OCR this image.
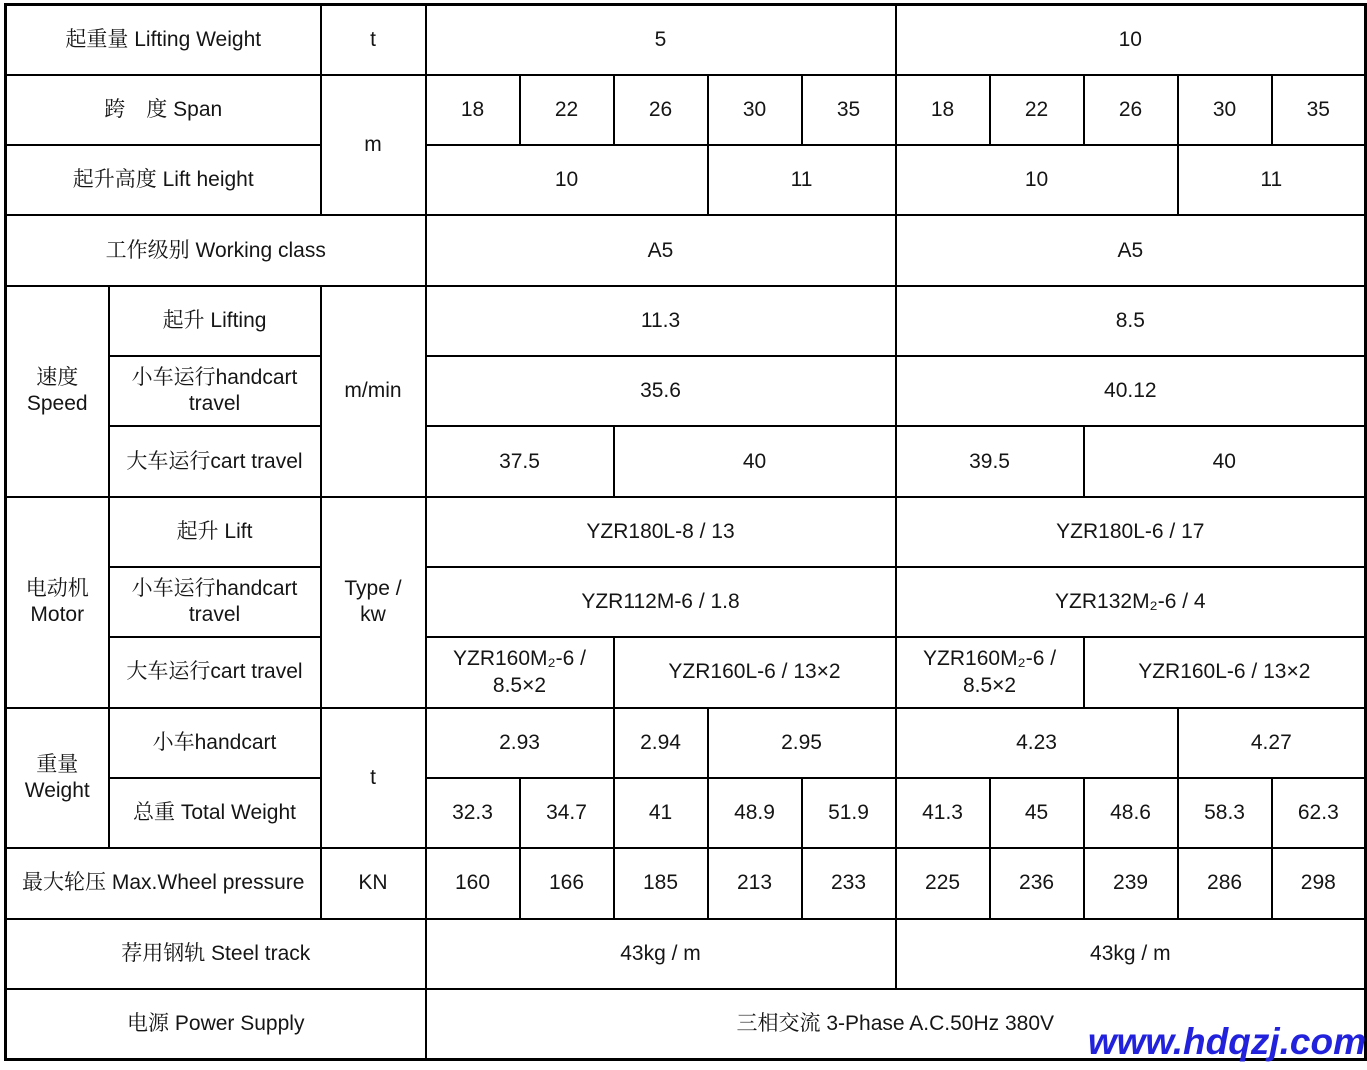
起重量 Lifting Weight		t	5					10				
跨　度 Span		m	18	22	26	30	35	18	22	26	30	35
起升高度 Lift height			10			11		10			11	
工作级别 Working class			A5					A5				

速度
Speed	起升 Lifting	m/min	11.3					8.5				
	小车运行handcart travel		35.6					40.12				
	大车运行cart travel		37.5		40			39.5		40		

电动机
Motor	起升 Lift	Type / kw	YZR180L-8 / 13					YZR180L-6 / 17				
	小车运行handcart travel		YZR112M-6 / 1.8					YZR132M₂-6 / 4				
	大车运行cart travel		YZR160M₂-6 / 8.5×2		YZR160L-6 / 13×2			YZR160M₂-6 / 8.5×2		YZR160L-6 / 13×2		

重量
Weight	小车handcart	t	2.93		2.94	2.95		4.23			4.27	
	总重 Total Weight		32.3	34.7	41	48.9	51.9	41.3	45	48.6	58.3	62.3
最大轮压 Max.Wheel pressure		KN	160	166	185	213	233	225	236	239	286	298
荐用钢轨 Steel track			43kg / m					43kg / m				
电源 Power Supply			三相交流 3-Phase A.C.50Hz 380V									www.hdqzj.com
